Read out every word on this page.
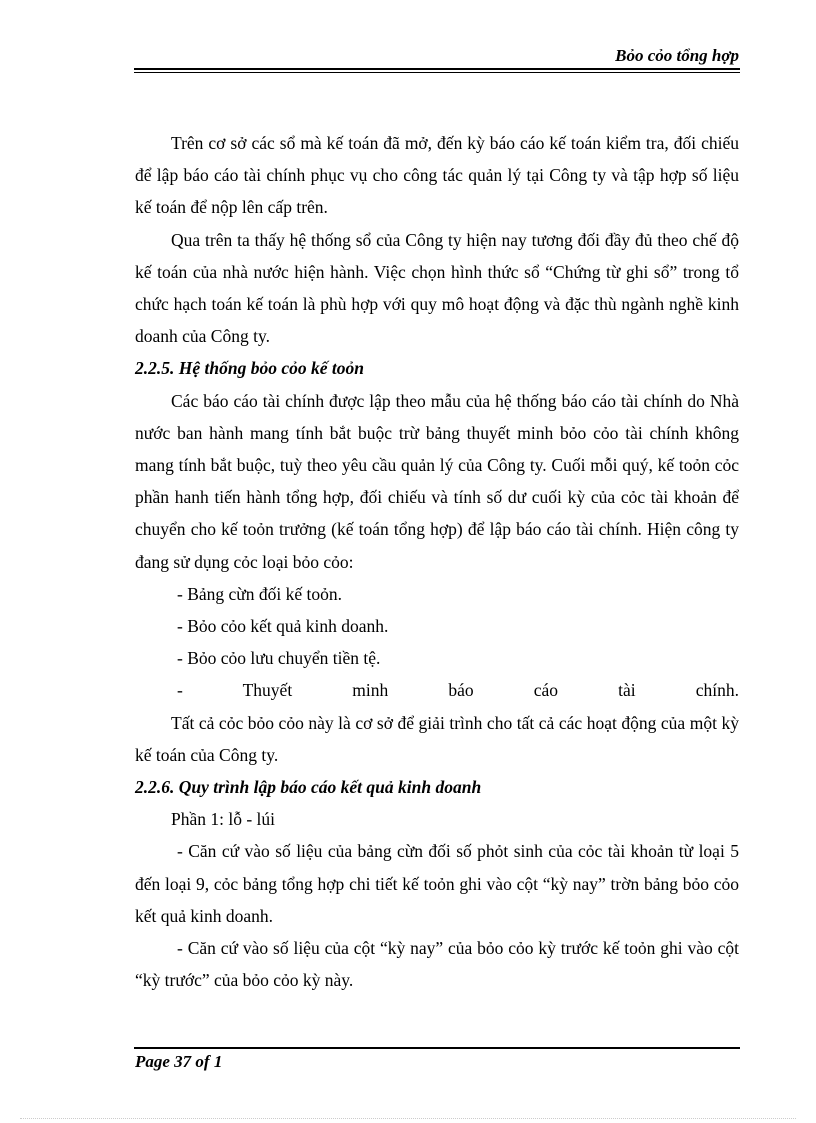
Bỏo cỏo tổng hợp

Trên cơ sở các sổ mà kế toán đã mở, đến kỳ báo cáo kế toán kiểm tra, đối chiếu để lập báo cáo tài chính phục vụ cho công tác quản lý tại Công ty và tập hợp số liệu kế toán để nộp lên cấp trên.

Qua trên ta thấy hệ thống sổ của Công ty hiện nay tương đối đầy đủ theo chế độ kế toán của nhà nước hiện hành. Việc chọn hình thức sổ “Chứng từ ghi sổ” trong tổ chức hạch toán kế toán là phù hợp với quy mô hoạt động và đặc thù ngành nghề kinh doanh của Công ty.

2.2.5. Hệ thống bỏo cỏo kế toỏn

Các báo cáo tài chính được lập theo mẫu của hệ thống báo cáo tài chính do Nhà nước ban hành mang tính bắt buộc trừ bảng thuyết minh bỏo cỏo tài chính không mang tính bắt buộc, tuỳ theo yêu cầu quản lý của Công ty. Cuối mỗi quý, kế toỏn cỏc phần hanh tiến hành tổng hợp, đối chiếu và tính số dư cuối kỳ của cỏc tài khoản để chuyển cho kế toỏn trưởng (kế toán tổng hợp) để lập báo cáo tài chính. Hiện công ty đang sử dụng cỏc loại bỏo cỏo:

- Bảng cừn đối kế toỏn.

- Bỏo cỏo kết quả kinh doanh.

- Bỏo cỏo lưu chuyển tiền tệ.

- Thuyết minh báo cáo tài chính.

Tất cả cỏc bỏo cỏo này là cơ sở để giải trình cho tất cả các hoạt động của một kỳ kế toán của Công ty.

2.2.6. Quy trình lập báo cáo kết quả kinh doanh

Phần 1: lỗ - lúi

- Căn cứ vào số liệu của bảng cừn đối số phỏt sinh của cỏc tài khoản từ loại 5 đến loại 9, cỏc bảng tổng hợp chi tiết kế toỏn ghi vào cột “kỳ nay” trờn bảng bỏo cỏo kết quả kinh doanh.

- Căn cứ vào số liệu của cột “kỳ nay” của bỏo cỏo kỳ trước kế toỏn ghi vào cột “kỳ trước” của bỏo cỏo kỳ này.

Page 37 of 1
